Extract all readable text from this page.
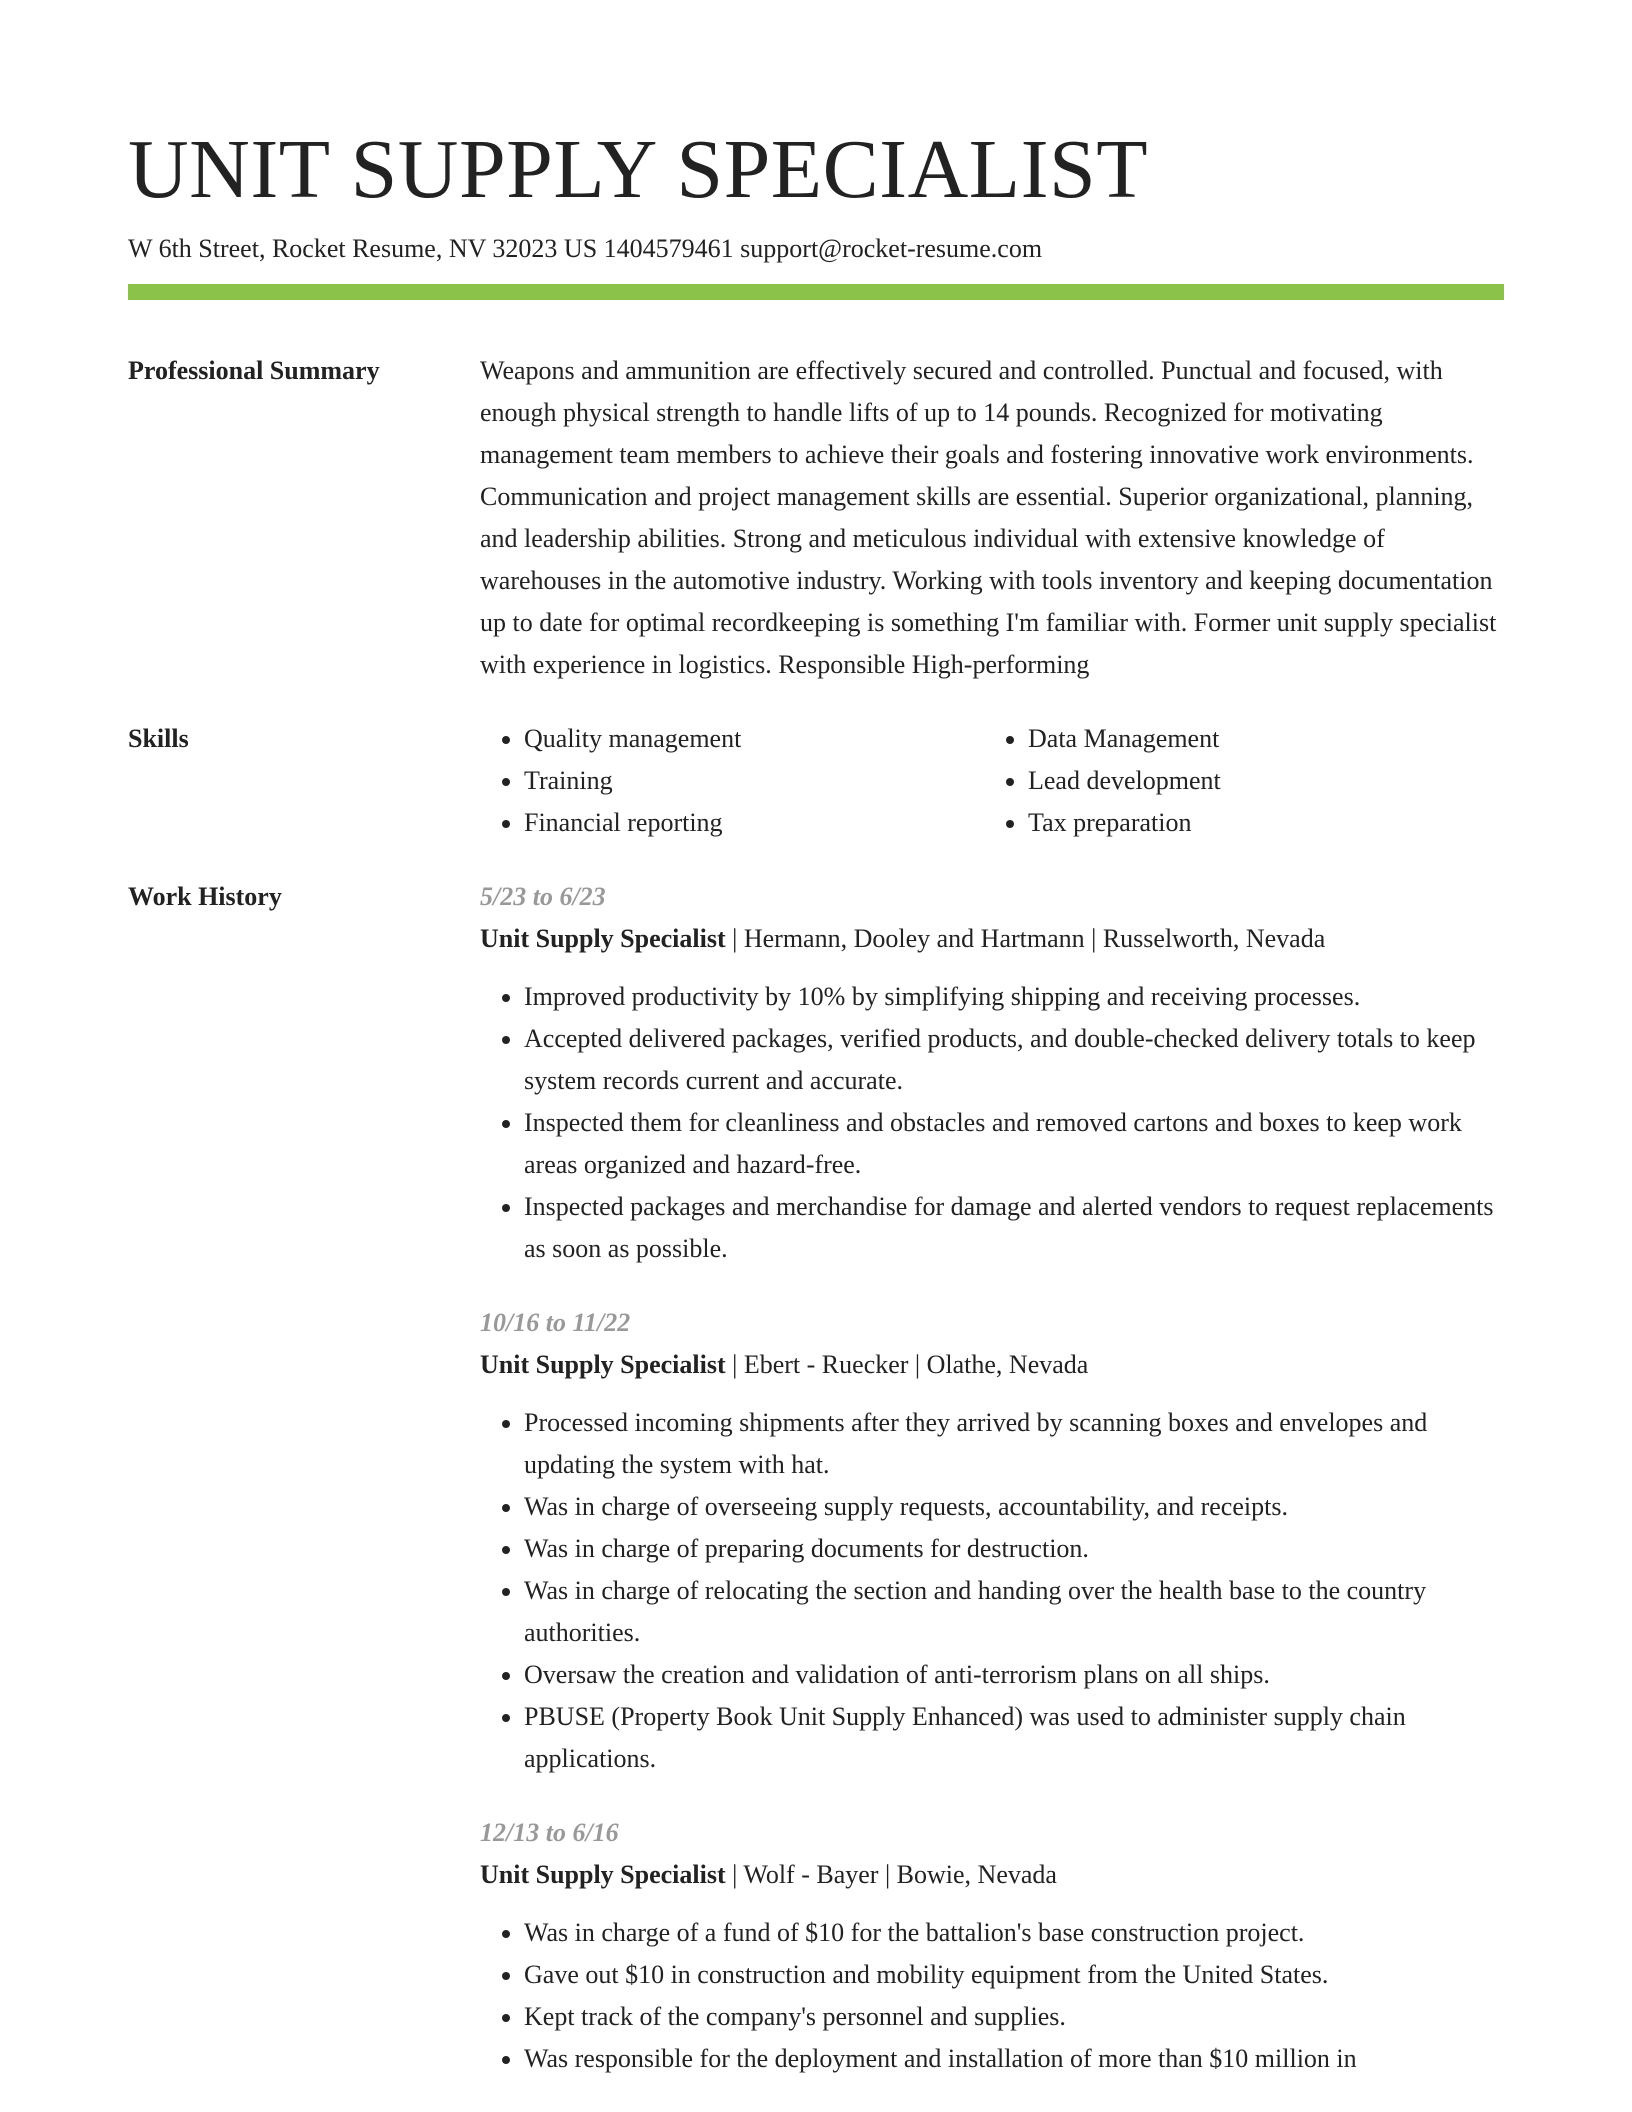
UNIT SUPPLY SPECIALIST
W 6th Street, Rocket Resume, NV 32023 US 1404579461 support@rocket-resume.com
Professional Summary	Weapons and ammunition are effectively secured and controlled. Punctual and focused, with enough physical strength to handle lifts of up to 14 pounds. Recognized for motivating management team members to achieve their goals and fostering innovative work environments. Communication and project management skills are essential. Superior organizational, planning, and leadership abilities. Strong and meticulous individual with extensive knowledge of warehouses in the automotive industry. Working with tools inventory and keeping documentation up to date for optimal recordkeeping is something I'm familiar with. Former unit supply specialist with experience in logistics. Responsible High-performing

Skills
•	Quality management
• Training
• Financial reporting
• Data Management
• Lead development
• Tax preparation
Work History	5/23 to 6/23
Unit Supply Specialist | Hermann, Dooley and Hartmann | Russelworth, Nevada
• Improved productivity by 10% by simplifying shipping and receiving processes.
• Accepted delivered packages, verified products, and double-checked delivery totals to keep system records current and accurate.
• Inspected them for cleanliness and obstacles and removed cartons and boxes to keep work areas organized and hazard-free.
• Inspected packages and merchandise for damage and alerted vendors to request replacements as soon as possible.
10/16 to 11/22
Unit Supply Specialist | Ebert - Ruecker | Olathe, Nevada
• Processed incoming shipments after they arrived by scanning boxes and envelopes and updating the system with hat.
• Was in charge of overseeing supply requests, accountability, and receipts.
• Was in charge of preparing documents for destruction.
• Was in charge of relocating the section and handing over the health base to the country authorities.
• Oversaw the creation and validation of anti-terrorism plans on all ships.
• PBUSE (Property Book Unit Supply Enhanced) was used to administer supply chain applications.
12/13 to 6/16
Unit Supply Specialist | Wolf - Bayer | Bowie, Nevada
• Was in charge of a fund of $10 for the battalion's base construction project.
• Gave out $10 in construction and mobility equipment from the United States.
• Kept track of the company's personnel and supplies.
• Was responsible for the deployment and installation of more than $10 million in
